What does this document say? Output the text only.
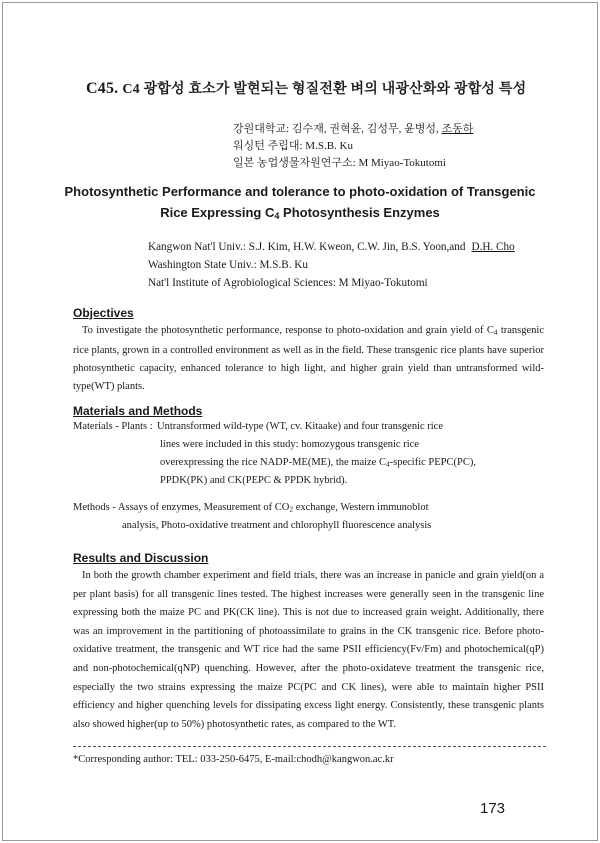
C45. C4 광합성 효소가 발현되는 형질전환 벼의 내광산화와 광합성 특성
강원대학교: 김수재, 권혁윤, 김성무, 윤병성, 조동하
워싱턴 주립대: M.S.B. Ku
일본 농업생물자원연구소: M Miyao-Tokutomi
Photosynthetic Performance and tolerance to photo-oxidation of Transgenic
Rice Expressing $C_4$ Photosynthesis Enzymes
Kangwon Nat'l Univ.: S.J. Kim, H.W. Kweon, C.W. Jin, B.S. Yoon,and D.H. Cho
Washington State Univ.: M.S.B. Ku
Nat'l Institute of Agrobiological Sciences: M Miyao-Tokutomi
Objectives

To investigate the photosynthetic performance, response to photo-oxidation and grain yield of $C_4$ transgenic rice plants, grown in a controlled environment as well as in the field. These transgenic rice plants have superior photosynthetic capacity, enhanced tolerance to high light, and higher grain yield than untransformed wild-type(WT) plants.

Materials and Methods
Materials - Plants : Untransformed wild-type (WT, cv. Kitaake) and four transgenic rice
lines were included in this study: homozygous transgenic rice
overexpressing the rice NADP-ME(ME), the maize $C_4$-specific PEPC(PC),
PPDK(PK) and CK(PEPC & PPDK hybrid).
Methods - Assays of enzymes, Measurement of $CO_2$ exchange, Western immunoblot
analysis, Photo-oxidative treatment and chlorophyll fluorescence analysis
Results and Discussion

In both the growth chamber experiment and field trials, there was an increase in panicle and grain yield(on a per plant basis) for all transgenic lines tested. The highest increases were generally seen in the transgenic line expressing both the maize PC and PK(CK line). This is not due to increased grain weight. Additionally, there was an improvement in the partitioning of photoassimilate to grains in the CK transgenic rice. Before photo-oxidative treatment, the transgenic and WT rice had the same PSII efficiency(Fv/Fm) and photochemical(qP) and non-photochemical(qNP) quenching. However, after the photo-oxidateve treatment the transgenic rice, especially the two strains expressing the maize PC(PC and CK lines), were able to maintain higher PSII efficiency and higher quenching levels for dissipating excess light energy. Consistently, these transgenic plants also showed higher(up to 50%) photosynthetic rates, as compared to the WT.

*Corresponding author: TEL: 033-250-6475, E-mail:chodh@kangwon.ac.kr
173
